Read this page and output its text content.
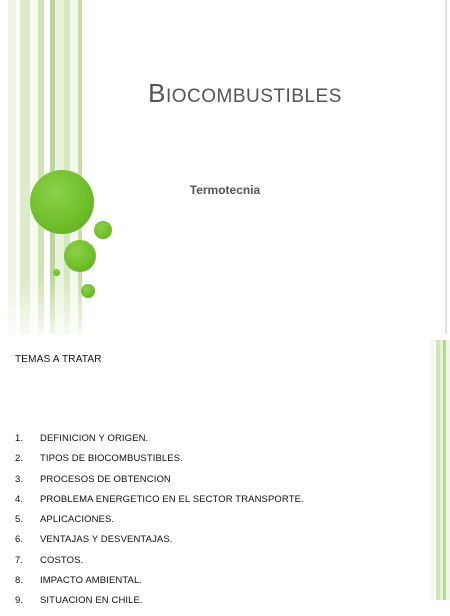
BIOCOMBUSTIBLES
Termotecnia
TEMAS A TRATAR
1.	DEFINICION Y ORIGEN.
2.	TIPOS DE BIOCOMBUSTIBLES.
3.	PROCESOS DE OBTENCION
4.	PROBLEMA ENERGETICO EN EL SECTOR TRANSPORTE.
5.	APLICACIONES.
6.	VENTAJAS Y DESVENTAJAS.
7.	COSTOS.
8.	IMPACTO AMBIENTAL.
9.	SITUACION EN CHILE.
